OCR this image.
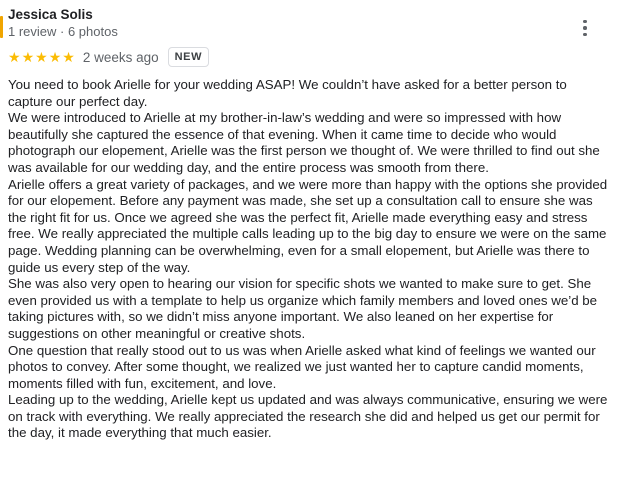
Jessica Solis
1 review · 6 photos
★ ★ ★ ★ ★ 2 weeks ago	NEW

You need to book Arielle for your wedding ASAP! We couldn’t have asked for a better person to capture our perfect day.

We were introduced to Arielle at my brother-in-law’s wedding and were so impressed with how beautifully she captured the essence of that evening. When it came time to decide who would photograph our elopement, Arielle was the first person we thought of. We were thrilled to find out she was available for our wedding day, and the entire process was smooth from there.

Arielle offers a great variety of packages, and we were more than happy with the options she provided for our elopement. Before any payment was made, she set up a consultation call to ensure she was the right fit for us. Once we agreed she was the perfect fit, Arielle made everything easy and stress free. We really appreciated the multiple calls leading up to the big day to ensure we were on the same page. Wedding planning can be overwhelming, even for a small elopement, but Arielle was there to guide us every step of the way.

She was also very open to hearing our vision for specific shots we wanted to make sure to get. She even provided us with a template to help us organize which family members and loved ones we’d be taking pictures with, so we didn’t miss anyone important. We also leaned on her expertise for suggestions on other meaningful or creative shots.

One question that really stood out to us was when Arielle asked what kind of feelings we wanted our photos to convey. After some thought, we realized we just wanted her to capture candid moments, moments filled with fun, excitement, and love.

Leading up to the wedding, Arielle kept us updated and was always communicative, ensuring we were on track with everything. We really appreciated the research she did and helped us get our permit for the day, it made everything that much easier.
